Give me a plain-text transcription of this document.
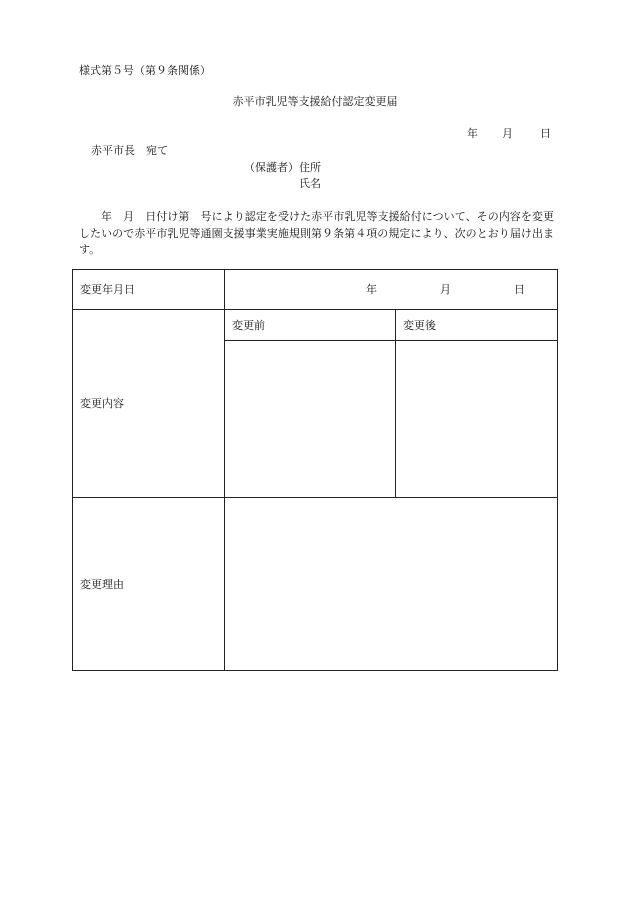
様式第５号（第９条関係）
赤平市乳児等支援給付認定変更届
年 月 日
赤平市長　宛て
（保護者） 住所
氏名
年　月　日付け第　号により認定を受けた赤平市乳児等支援給付について、その内容を変更したいので赤平市乳児等通園支援事業実施規則第９条第４項の規定により、次のとおり届け出ます。
変更年月日	年	月	日
変更内容
変更前	変更後
変更理由
